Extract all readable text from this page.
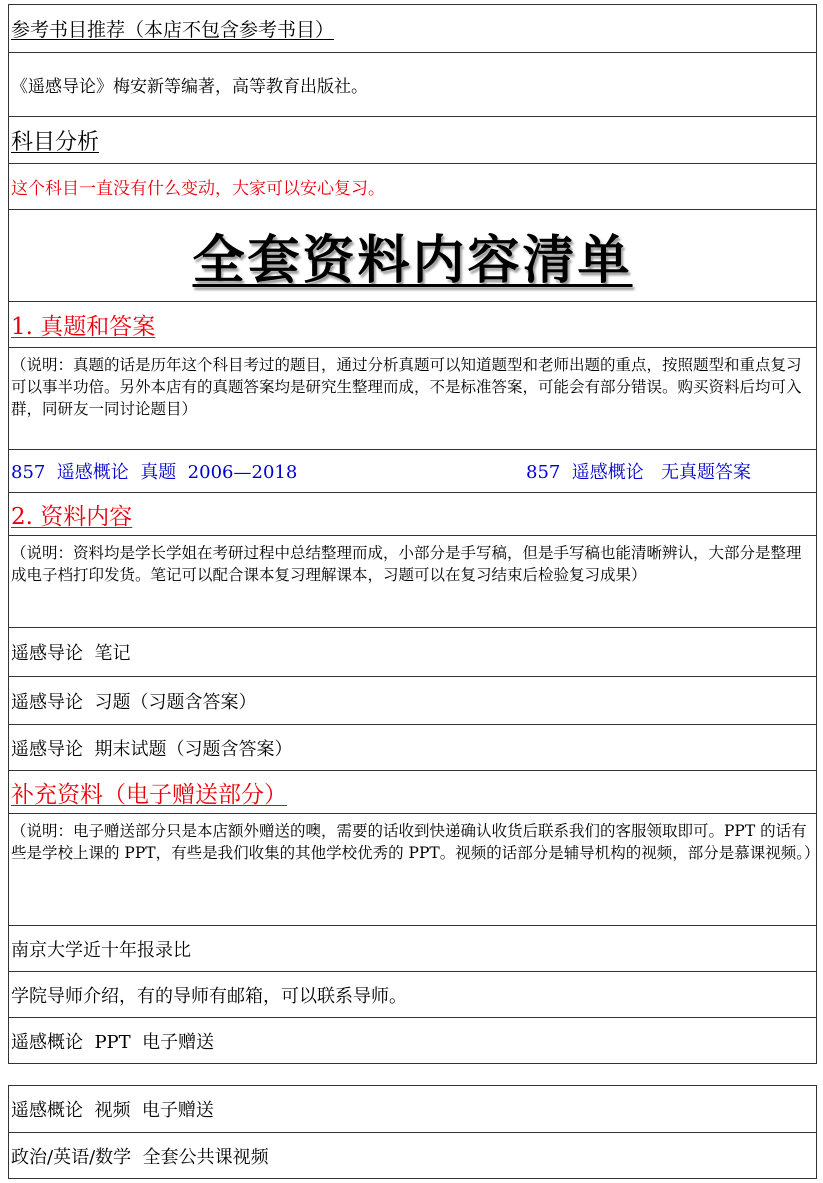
参考书目推荐（本店不包含参考书目）
《遥感导论》梅安新等编著，高等教育出版社。
科目分析
这个科目一直没有什么变动，大家可以安心复习。
全套资料内容清单
1. 真题和答案
（说明：真题的话是历年这个科目考过的题目，通过分析真题可以知道题型和老师出题的重点，按照题型和重点复习可以事半功倍。另外本店有的真题答案均是研究生整理而成，不是标准答案，可能会有部分错误。购买资料后均可入群，同研友一同讨论题目）
857  遥感概论  真题  2006—2018	857  遥感概论   无真题答案
2. 资料内容
（说明：资料均是学长学姐在考研过程中总结整理而成，小部分是手写稿，但是手写稿也能清晰辨认，大部分是整理成电子档打印发货。笔记可以配合课本复习理解课本，习题可以在复习结束后检验复习成果）
遥感导论  笔记
遥感导论  习题（习题含答案）
遥感导论  期末试题（习题含答案）
补充资料（电子赠送部分）
（说明：电子赠送部分只是本店额外赠送的噢，需要的话收到快递确认收货后联系我们的客服领取即可。PPT 的话有些是学校上课的 PPT，有些是我们收集的其他学校优秀的 PPT。视频的话部分是辅导机构的视频，部分是慕课视频。）
南京大学近十年报录比
学院导师介绍，有的导师有邮箱，可以联系导师。
遥感概论  PPT  电子赠送
遥感概论  视频  电子赠送
政治/英语/数学  全套公共课视频
